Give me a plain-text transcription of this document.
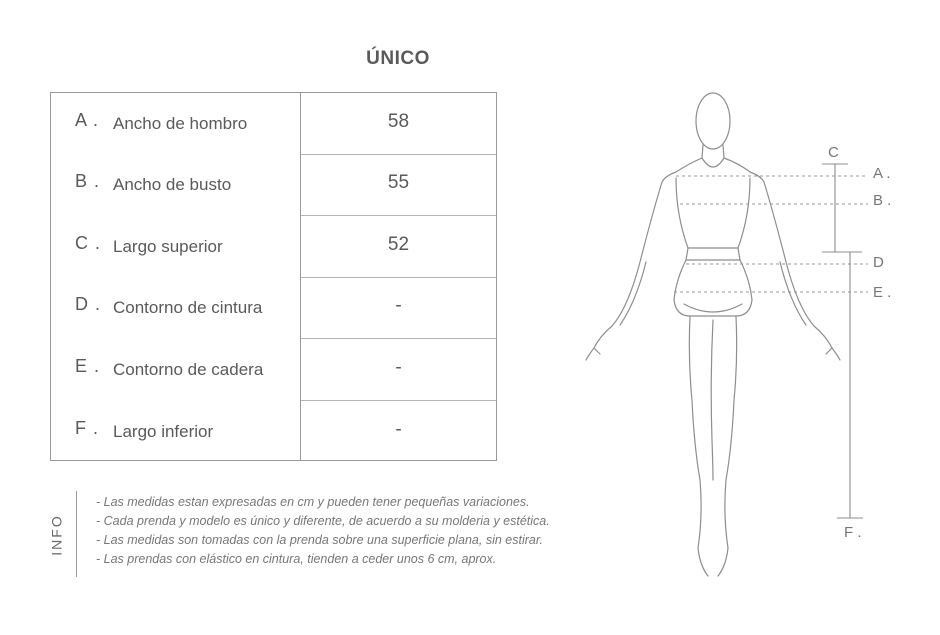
ÚNICO
A . Ancho de hombro	58
B . Ancho de busto	55
C . Largo superior	52
D . Contorno de cintura	-
E . Contorno de cadera	-
F . Largo inferior	-
INFO
- Las medidas estan expresadas en cm y pueden tener pequeñas variaciones.
- Cada prenda y modelo es único y diferente, de acuerdo a su molderia y estética.
- Las medidas son tomadas con la prenda sobre una superficie plana, sin estirar.
- Las prendas con elástico en cintura, tienden a ceder unos 6 cm, aprox.
A .
B .
C
D
E .
F .
